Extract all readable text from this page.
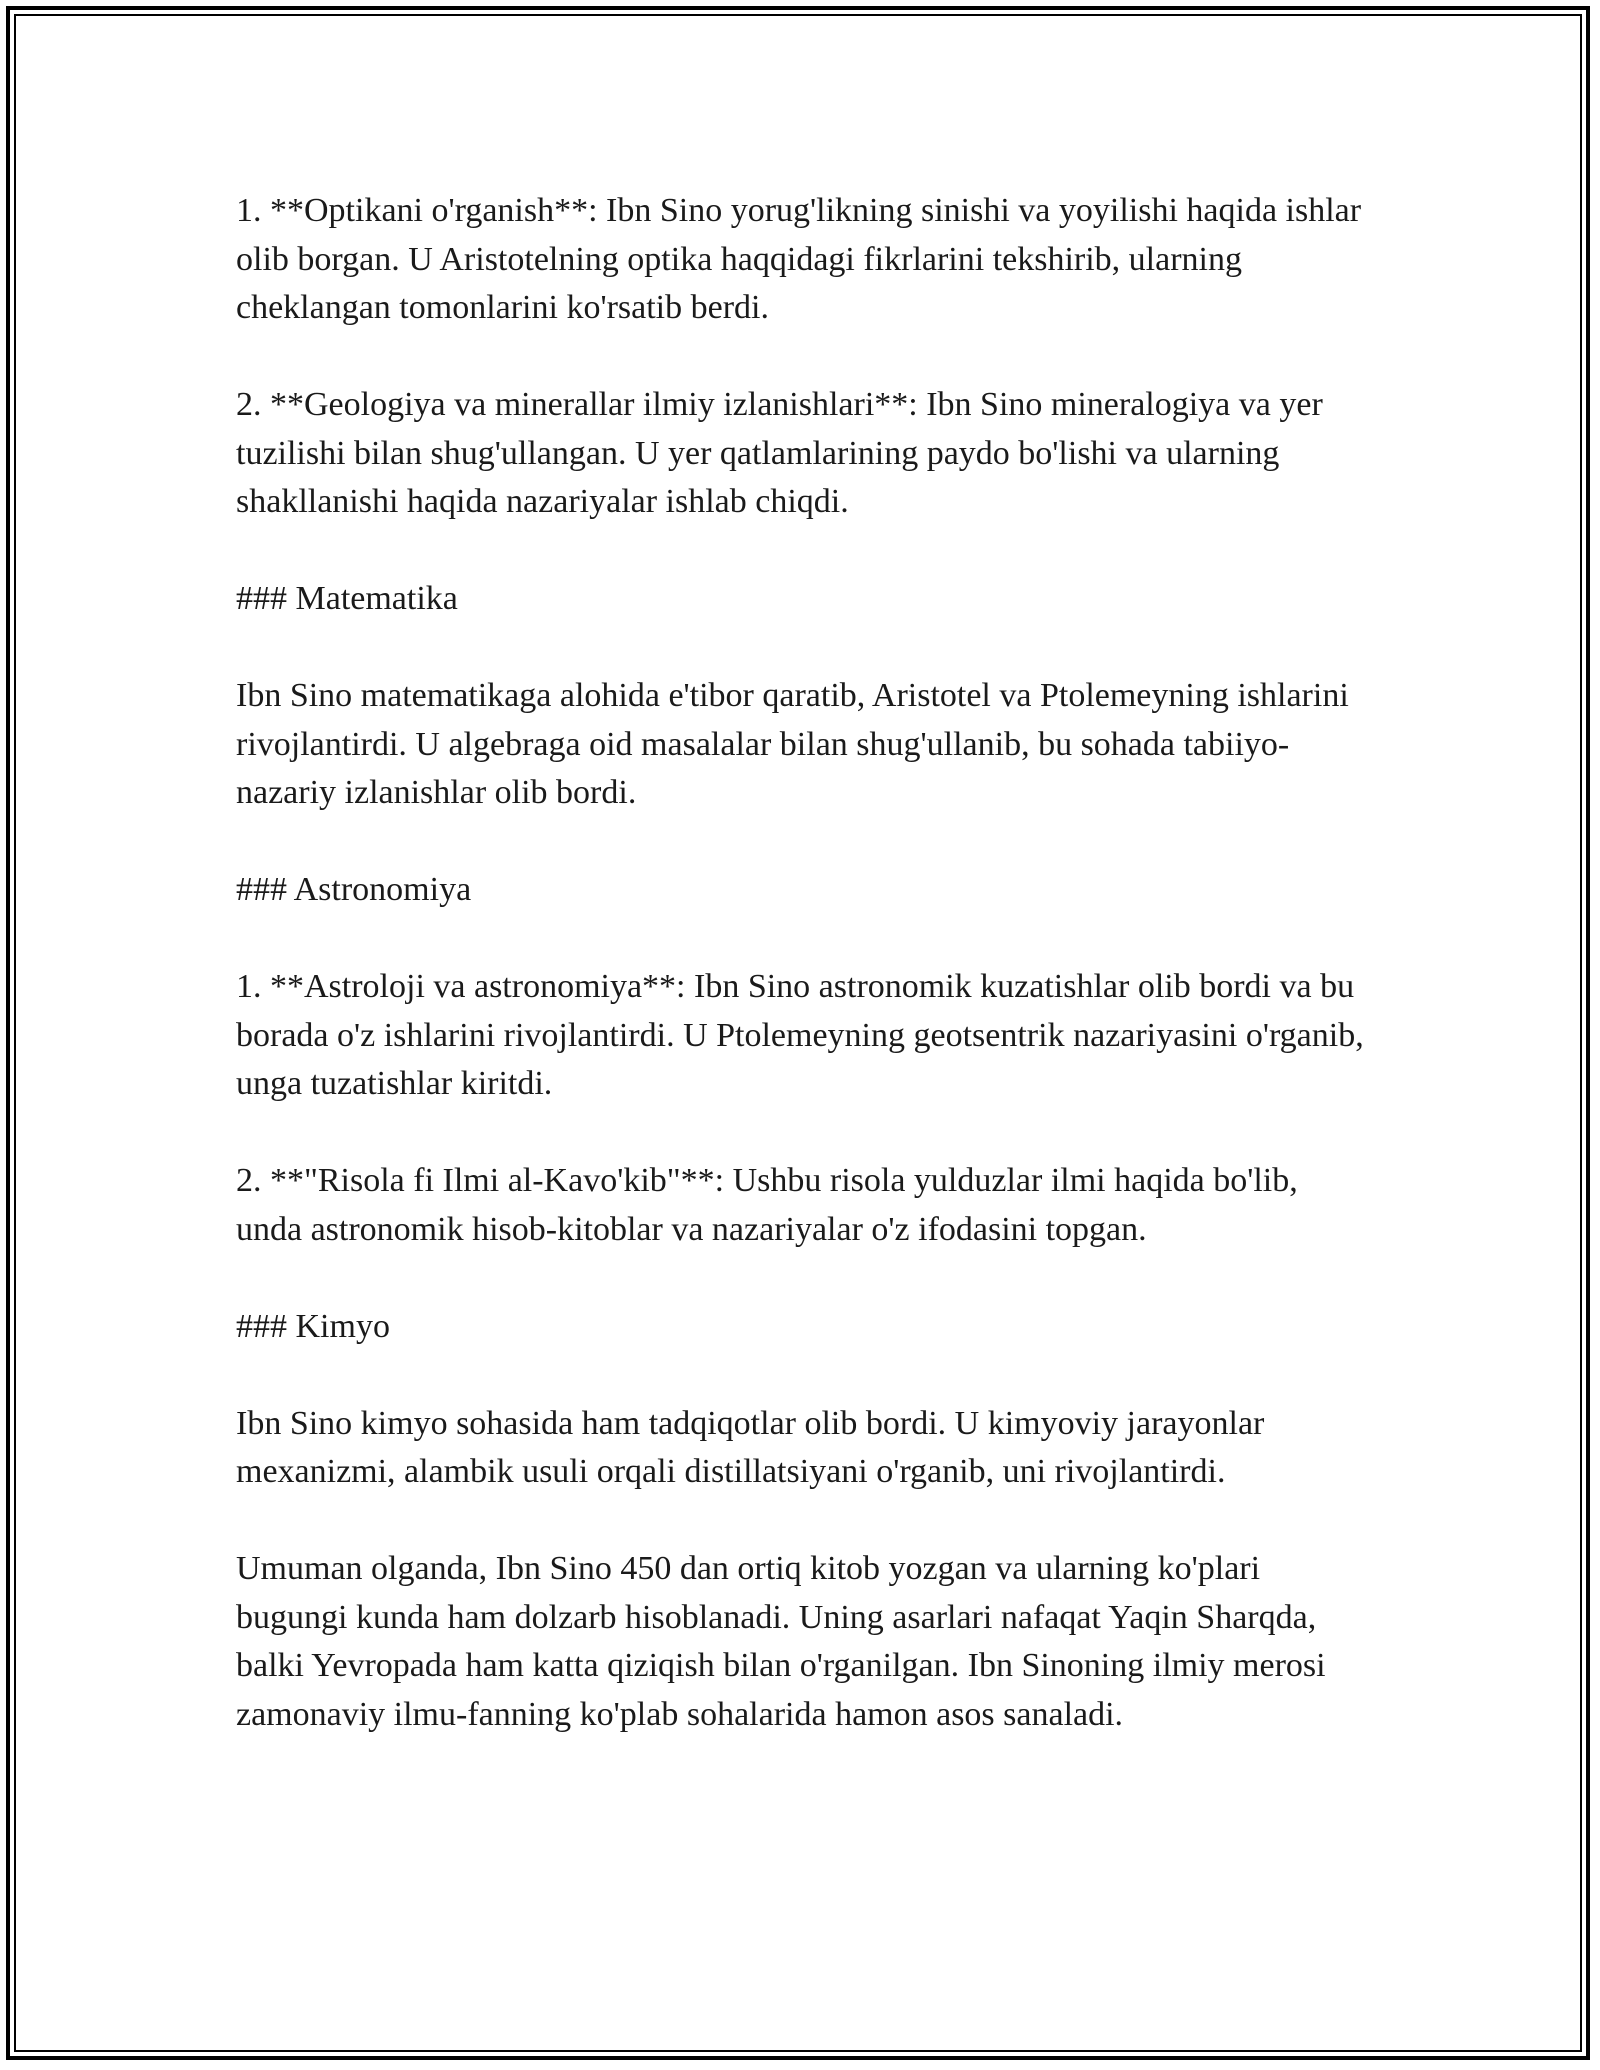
1. **Optikani o'rganish**: Ibn Sino yorug'likning sinishi va yoyilishi haqida ishlar olib borgan. U Aristotelning optika haqqidagi fikrlarini tekshirib, ularning cheklangan tomonlarini ko'rsatib berdi.

2. **Geologiya va minerallar ilmiy izlanishlari**: Ibn Sino mineralogiya va yer tuzilishi bilan shug'ullangan. U yer qatlamlarining paydo bo'lishi va ularning shakllanishi haqida nazariyalar ishlab chiqdi.

### Matematika

Ibn Sino matematikaga alohida e'tibor qaratib, Aristotel va Ptolemeyning ishlarini rivojlantirdi. U algebraga oid masalalar bilan shug'ullanib, bu sohada tabiiyo-nazariy izlanishlar olib bordi.

### Astronomiya

1. **Astroloji va astronomiya**: Ibn Sino astronomik kuzatishlar olib bordi va bu borada o'z ishlarini rivojlantirdi. U Ptolemeyning geotsentrik nazariyasini o'rganib, unga tuzatishlar kiritdi.

2. **"Risola fi Ilmi al-Kavo'kib"**: Ushbu risola yulduzlar ilmi haqida bo'lib, unda astronomik hisob-kitoblar va nazariyalar o'z ifodasini topgan.

### Kimyo

Ibn Sino kimyo sohasida ham tadqiqotlar olib bordi. U kimyoviy jarayonlar mexanizmi, alambik usuli orqali distillatsiyani o'rganib, uni rivojlantirdi.

Umuman olganda, Ibn Sino 450 dan ortiq kitob yozgan va ularning ko'plari bugungi kunda ham dolzarb hisoblanadi. Uning asarlari nafaqat Yaqin Sharqda, balki Yevropada ham katta qiziqish bilan o'rganilgan. Ibn Sinoning ilmiy merosi zamonaviy ilmu-fanning ko'plab sohalarida hamon asos sanaladi.
